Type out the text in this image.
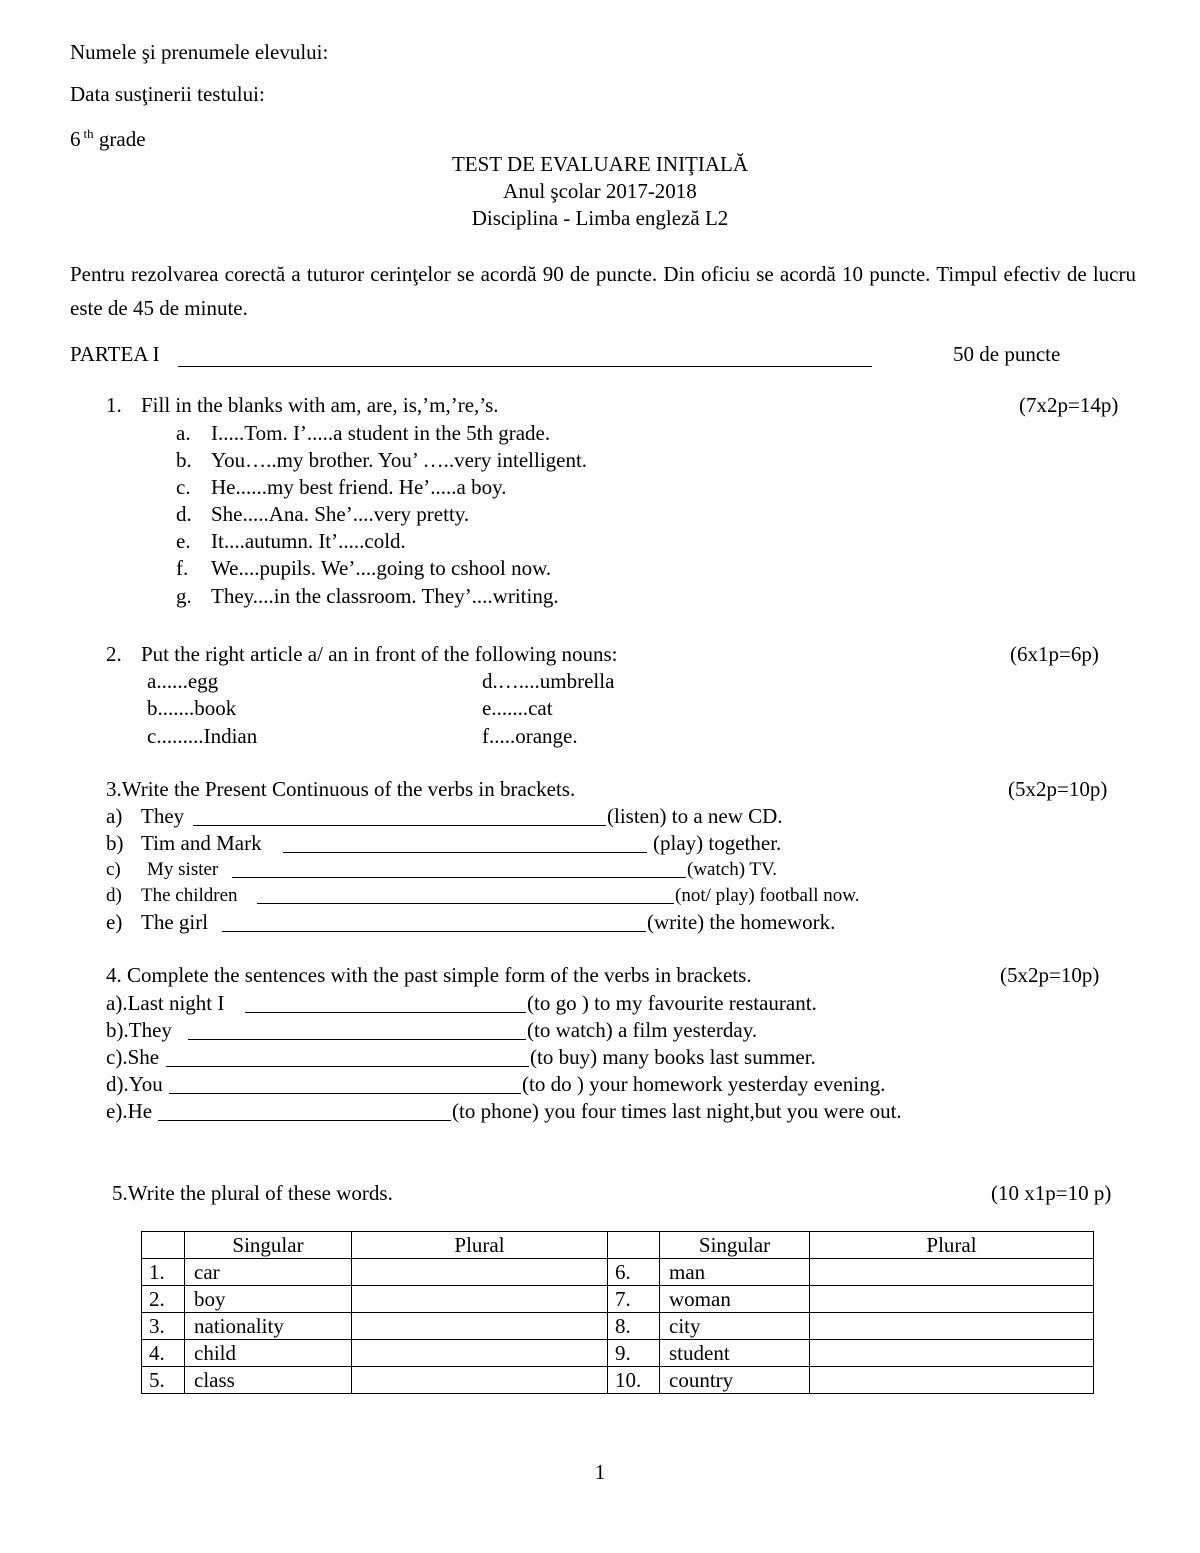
Numele şi prenumele elevului:
Data susţinerii testului:
6 $^{th}$ grade
TEST DE EVALUARE INIŢIALĂ
Anul şcolar 2017-2018
Disciplina - Limba engleză L2
Pentru rezolvarea corectă a tuturor cerinţelor se acordă 90 de puncte. Din oficiu se acordă 10 puncte. Timpul efectiv de lucru este de 45 de minute.
PARTEA I	50 de puncte
1. Fill in the blanks with am, are, is,’m,’re,’s.	(7x2p=14p)
a. I.....Tom. I’.....a student in the 5th grade.
b. You…..my brother. You’ …..very intelligent.
c. He......my best friend. He’.....a boy.
d. She.....Ana. She’....very pretty.
e. It....autumn. It’.....cold.
f. We....pupils. We’....going to cshool now.
g. They....in the classroom. They’....writing.
2. Put the right article a/ an in front of the following nouns:	(6x1p=6p)
a......egg
b.......book
c.........Indian
d.…....umbrella
e.......cat
f.....orange.
3.Write the Present Continuous of the verbs in brackets.	(5x2p=10p)
a) They	(listen) to a new CD.
b) Tim and Mark	(play) together.
c) My sister	(watch) TV.
d) The children	(not/ play) football now.
e) The girl	(write) the homework.
4. Complete the sentences with the past simple form of the verbs in brackets.	(5x2p=10p)
a).Last night I	(to go ) to my favourite restaurant.
b).They	(to watch) a film yesterday.
c).She	(to buy) many books last summer.
d).You	(to do ) your homework yesterday evening.
e).He	(to phone) you four times last night,but you were out.
5.Write the plural of these words.	(10 x1p=10 p)
	Singular	Plural		Singular	Plural
1.	car		6.	man	
2.	boy		7.	woman	
3.	nationality		8.	city	
4.	child		9.	student	
5.	class		10.	country	
1
